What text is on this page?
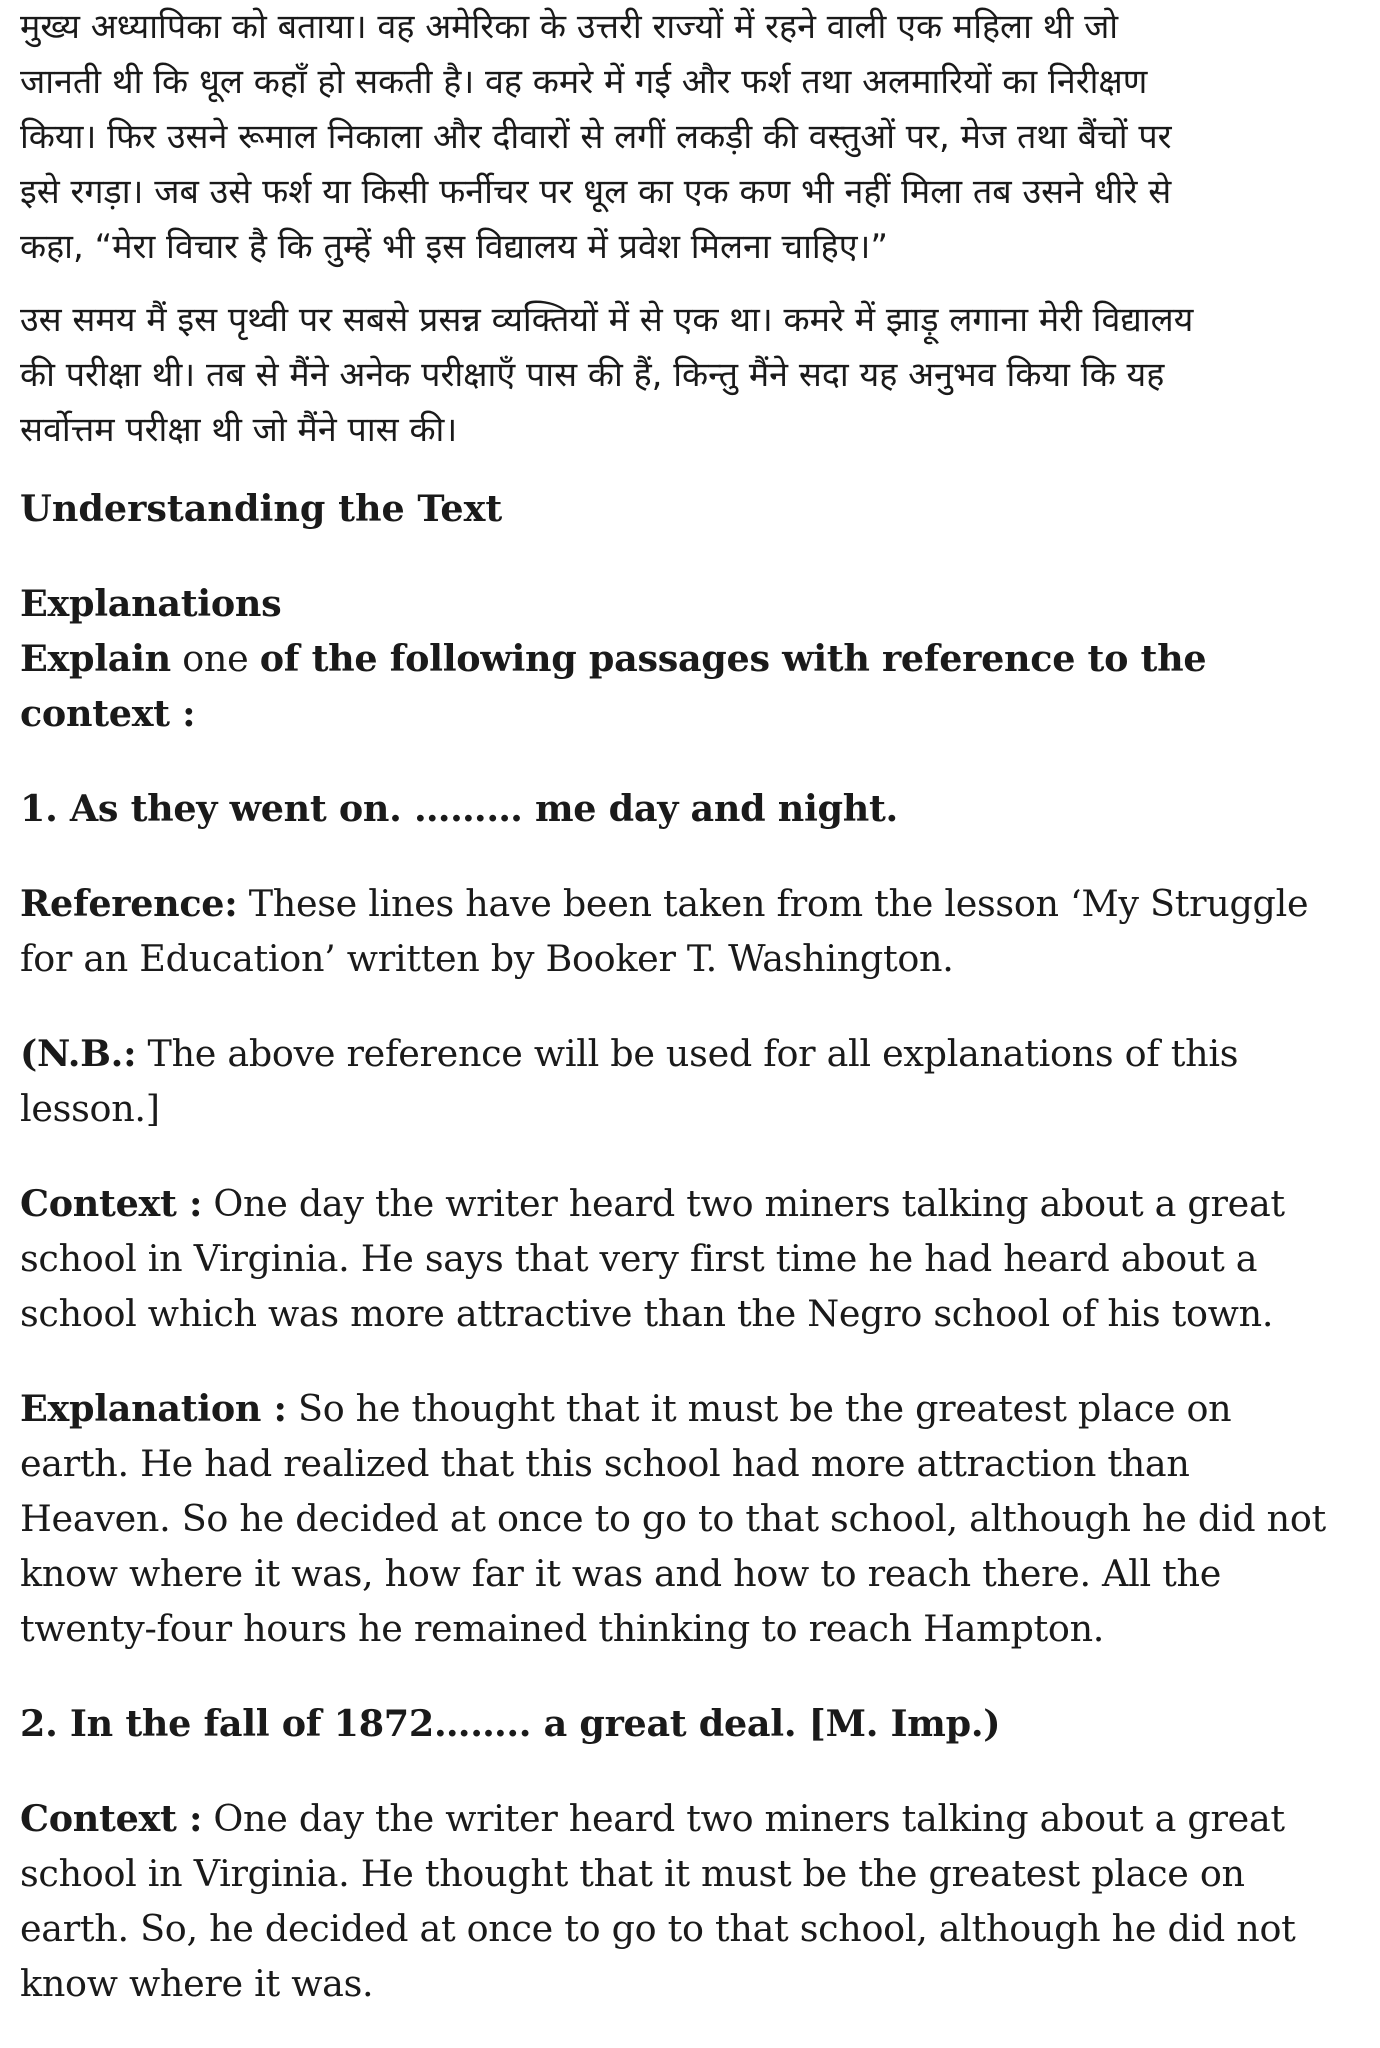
मुख्य अध्यापिका को बताया। वह अमेरिका के उत्तरी राज्यों में रहने वाली एक महिला थी जो
जानती थी कि धूल कहाँ हो सकती है। वह कमरे में गई और फर्श तथा अलमारियों का निरीक्षण
किया। फिर उसने रूमाल निकाला और दीवारों से लगीं लकड़ी की वस्तुओं पर, मेज तथा बैंचों पर
इसे रगड़ा। जब उसे फर्श या किसी फर्नीचर पर धूल का एक कण भी नहीं मिला तब उसने धीरे से
कहा, “मेरा विचार है कि तुम्हें भी इस विद्यालय में प्रवेश मिलना चाहिए।”

उस समय मैं इस पृथ्वी पर सबसे प्रसन्न व्यक्तियों में से एक था। कमरे में झाड़ू लगाना मेरी विद्यालय
की परीक्षा थी। तब से मैंने अनेक परीक्षाएँ पास की हैं, किन्तु मैंने सदा यह अनुभव किया कि यह
सर्वोत्तम परीक्षा थी जो मैंने पास की।

Understanding the Text

Explanations
Explain one of the following passages with reference to the
context :

1. As they went on. ……… me day and night.

Reference: These lines have been taken from the lesson ‘My Struggle
for an Education’ written by Booker T. Washington.

(N.B.: The above reference will be used for all explanations of this
lesson.]

Context : One day the writer heard two miners talking about a great
school in Virginia. He says that very first time he had heard about a
school which was more attractive than the Negro school of his town.

Explanation : So he thought that it must be the greatest place on
earth. He had realized that this school had more attraction than
Heaven. So he decided at once to go to that school, although he did not
know where it was, how far it was and how to reach there. All the
twenty-four hours he remained thinking to reach Hampton.

2. In the fall of 1872…….. a great deal. [M. Imp.)

Context : One day the writer heard two miners talking about a great
school in Virginia. He thought that it must be the greatest place on
earth. So, he decided at once to go to that school, although he did not
know where it was.
